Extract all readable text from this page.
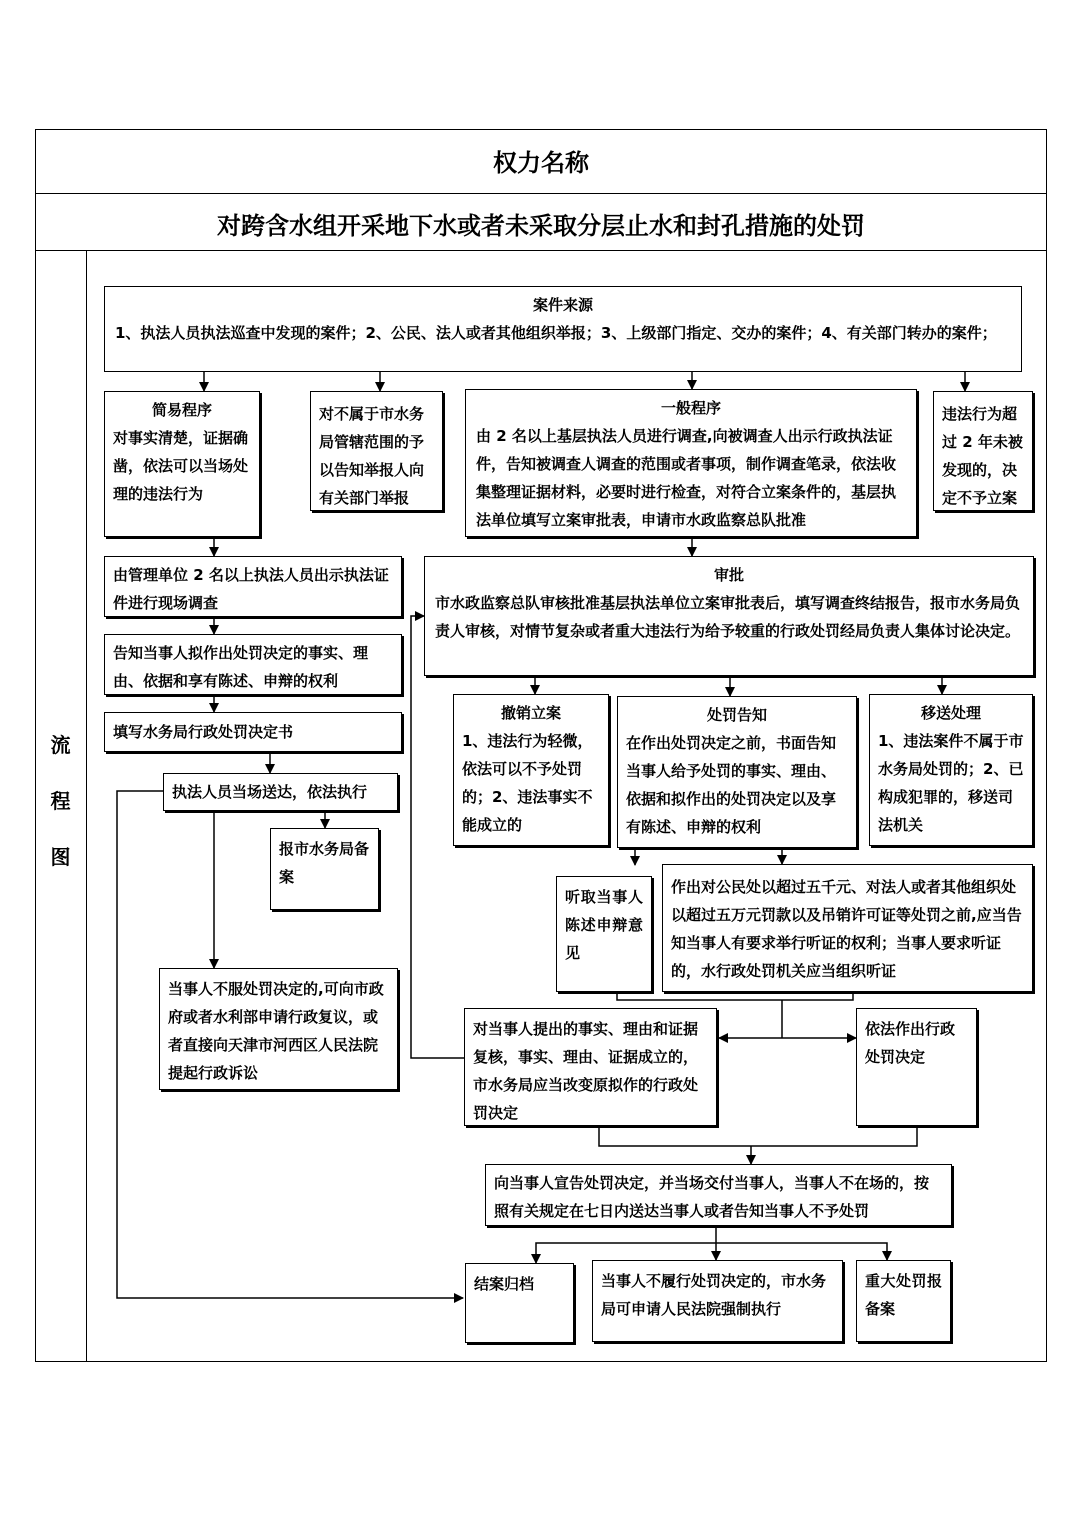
权力名称
对跨含水组开采地下水或者未采取分层止水和封孔措施的处罚
流
程
图
案件来源
1、执法人员执法巡查中发现的案件；2、公民、法人或者其他组织举报；3、上级部门指定、交办的案件；4、有关部门转办的案件；
简易程序
对事实清楚，证据确凿，依法可以当场处理的违法行为
对不属于市水务局管辖范围的予以告知举报人向有关部门举报
一般程序
由 2 名以上基层执法人员进行调查,向被调查人出示行政执法证件，告知被调查人调查的范围或者事项，制作调查笔录，依法收集整理证据材料，必要时进行检查，对符合立案条件的，基层执法单位填写立案审批表，申请市水政监察总队批准
违法行为超过 2 年未被发现的，决定不予立案
由管理单位 2 名以上执法人员出示执法证件进行现场调查
审批
市水政监察总队审核批准基层执法单位立案审批表后，填写调查终结报告，报市水务局负责人审核，对情节复杂或者重大违法行为给予较重的行政处罚经局负责人集体讨论决定。
告知当事人拟作出处罚决定的事实、理由、依据和享有陈述、申辩的权利
填写水务局行政处罚决定书
撤销立案
1、违法行为轻微，依法可以不予处罚的；2、违法事实不能成立的
处罚告知
在作出处罚决定之前，书面告知当事人给予处罚的事实、理由、依据和拟作出的处罚决定以及享有陈述、申辩的权利
移送处理
1、违法案件不属于市水务局处罚的；2、已构成犯罪的，移送司法机关
执法人员当场送达，依法执行
报市水务局备案
听取当事人陈述申辩意见
作出对公民处以超过五千元、对法人或者其他组织处以超过五万元罚款以及吊销许可证等处罚之前,应当告知当事人有要求举行听证的权利；当事人要求听证的，水行政处罚机关应当组织听证
当事人不服处罚决定的,可向市政府或者水利部申请行政复议，或者直接向天津市河西区人民法院提起行政诉讼
对当事人提出的事实、理由和证据复核，事实、理由、证据成立的，市水务局应当改变原拟作的行政处罚决定
依法作出行政处罚决定
向当事人宣告处罚决定，并当场交付当事人，当事人不在场的，按照有关规定在七日内送达当事人或者告知当事人不予处罚
结案归档	当事人不履行处罚决定的，市水务局可申请人民法院强制执行
重大处罚报备案
